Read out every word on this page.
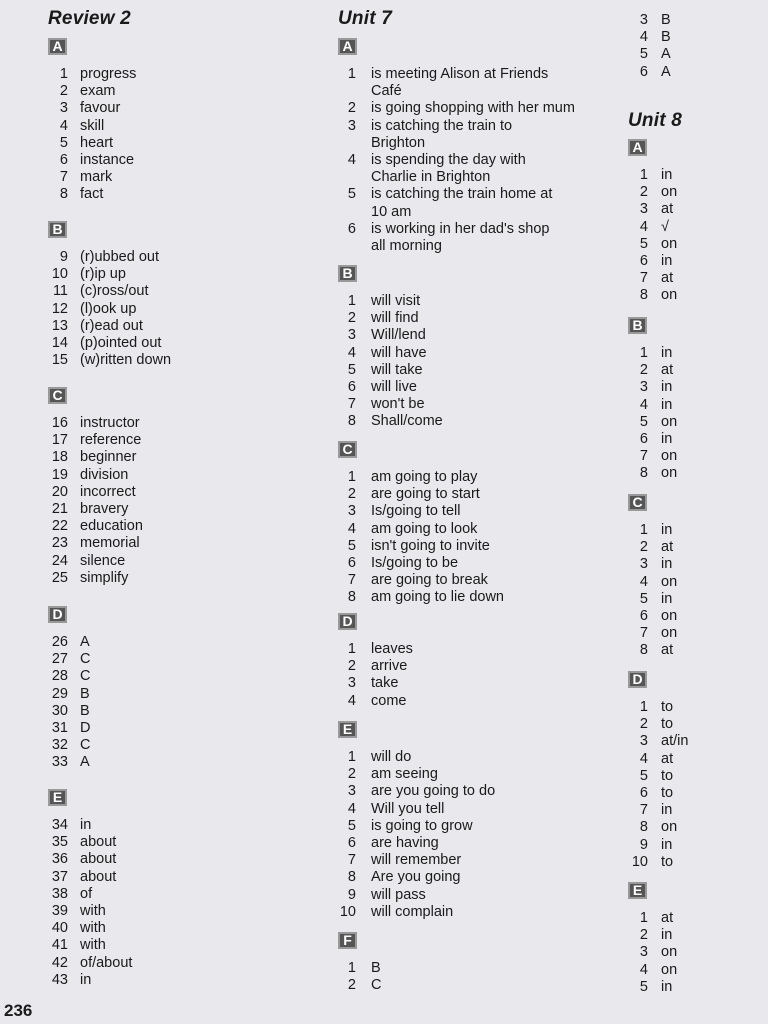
Review 2
A
1 progress
2 exam
3 favour
4 skill
5 heart
6 instance
7 mark
8 fact
B
9 (r)ubbed out
10 (r)ip up
11 (c)ross/out
12 (l)ook up
13 (r)ead out
14 (p)ointed out
15 (w)ritten down
C
16 instructor
17 reference
18 beginner
19 division
20 incorrect
21 bravery
22 education
23 memorial
24 silence
25 simplify
D
26 A
27 C
28 C
29 B
30 B
31 D
32 C
33 A
E
34 in
35 about
36 about
37 about
38 of
39 with
40 with
41 with
42 of/about
43 in
Unit 7
A
1 is meeting Alison at Friends
Café
2 is going shopping with her mum
3 is catching the train to
Brighton
4 is spending the day with
Charlie in Brighton
5 is catching the train home at
10 am
6 is working in her dad's shop
all morning
B
1 will visit
2 will find
3 Will/lend
4 will have
5 will take
6 will live
7 won't be
8 Shall/come
C
1 am going to play
2 are going to start
3 Is/going to tell
4 am going to look
5 isn't going to invite
6 Is/going to be
7 are going to break
8 am going to lie down
D
1 leaves
2 arrive
3 take
4 come
E
1 will do
2 am seeing
3 are you going to do
4 Will you tell
5 is going to grow
6 are having
7 will remember
8 Are you going
9 will pass
10 will complain
F
1 B
2 C
3 B
4 B
5 A
6 A
Unit 8
A
1 in
2 on
3 at
4 √
5 on
6 in
7 at
8 on
B
1 in
2 at
3 in
4 in
5 on
6 in
7 on
8 on
C
1 in
2 at
3 in
4 on
5 in
6 on
7 on
8 at
D
1 to
2 to
3 at/in
4 at
5 to
6 to
7 in
8 on
9 in
10 to
E
1 at
2 in
3 on
4 on
5 in
236
